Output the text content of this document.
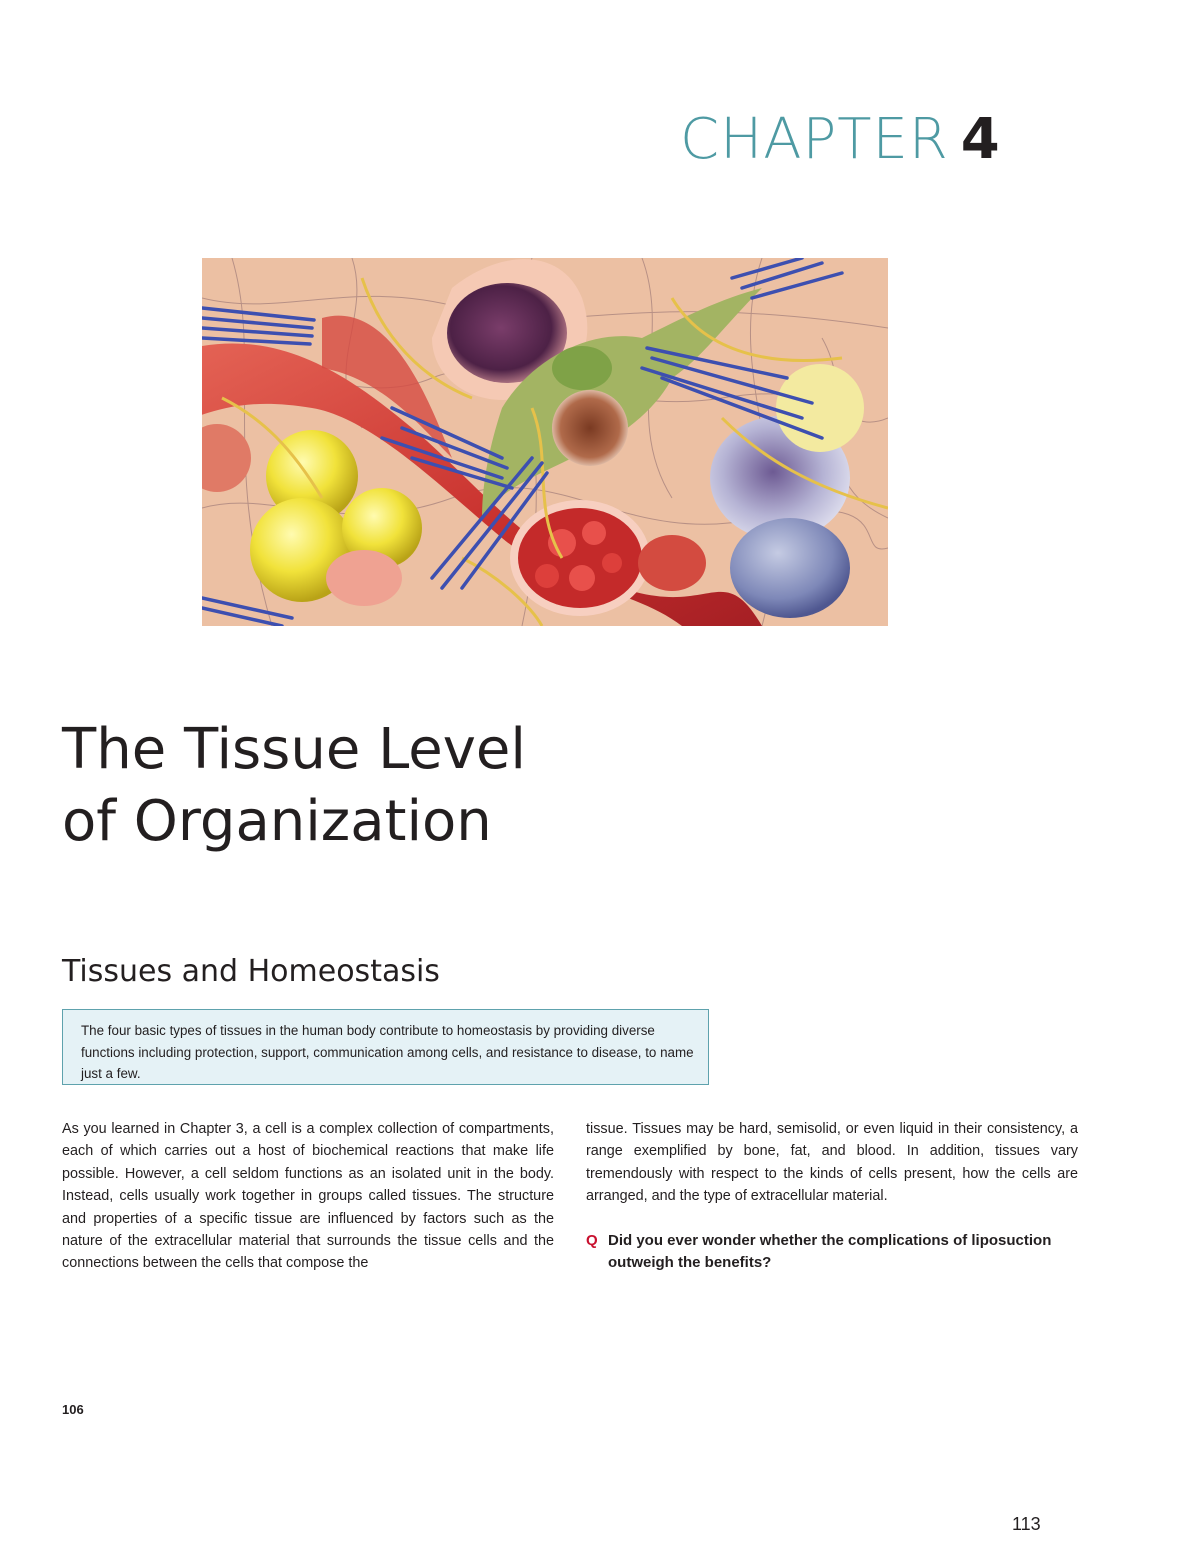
CHAPTER 4
The Tissue Level
of Organization
Tissues and Homeostasis

The four basic types of tissues in the human body contribute to homeostasis by providing diverse functions including protection, support, communication among cells, and resistance to disease, to name just a few.

As you learned in Chapter 3, a cell is a complex collection of compartments, each of which carries out a host of biochemical reactions that make life possible. However, a cell seldom functions as an isolated unit in the body. Instead, cells usually work together in groups called tissues. The structure and properties of a specific tissue are influenced by factors such as the nature of the extracellular material that surrounds the tissue cells and the connections between the cells that compose the

tissue. Tissues may be hard, semisolid, or even liquid in their consistency, a range exemplified by bone, fat, and blood. In addition, tissues vary tremendously with respect to the kinds of cells present, how the cells are arranged, and the type of extracellular material.

Q Did you ever wonder whether the complications of liposuction outweigh the benefits?

106
113
